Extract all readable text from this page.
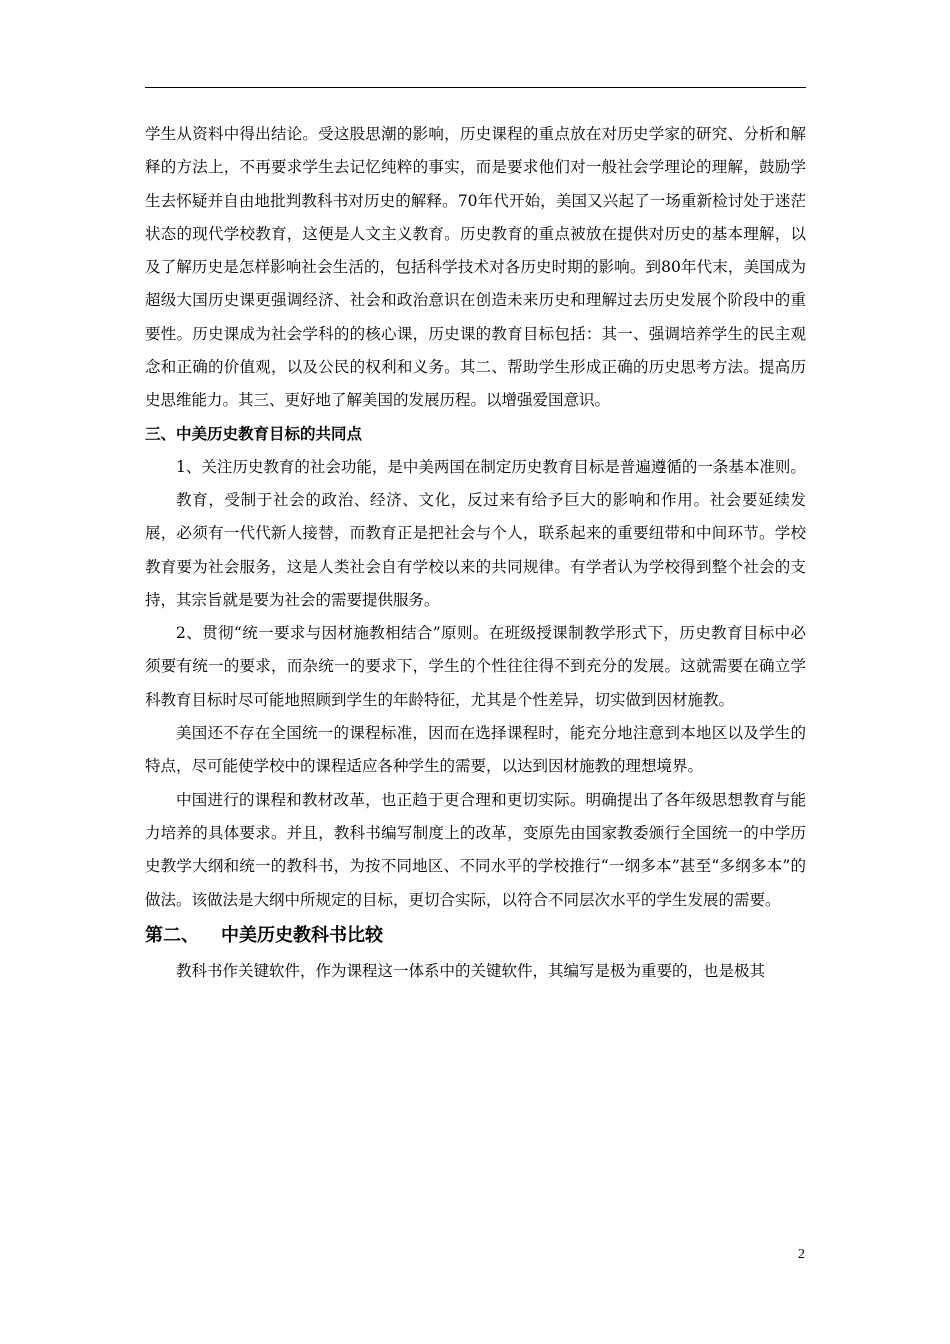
学生从资料中得出结论。受这股思潮的影响，历史课程的重点放在对历史学家的研究、分析和解释的方法上，不再要求学生去记忆纯粹的事实，而是要求他们对一般社会学理论的理解，鼓励学生去怀疑并自由地批判教科书对历史的解释。70年代开始，美国又兴起了一场重新检讨处于迷茫状态的现代学校教育，这便是人文主义教育。历史教育的重点被放在提供对历史的基本理解，以及了解历史是怎样影响社会生活的，包括科学技术对各历史时期的影响。到80年代末，美国成为超级大国历史课更强调经济、社会和政治意识在创造未来历史和理解过去历史发展个阶段中的重要性。历史课成为社会学科的的核心课，历史课的教育目标包括：其一、强调培养学生的民主观念和正确的价值观，以及公民的权利和义务。其二、帮助学生形成正确的历史思考方法。提高历史思维能力。其三、更好地了解美国的发展历程。以增强爱国意识。

三、中美历史教育目标的共同点

1、关注历史教育的社会功能，是中美两国在制定历史教育目标是普遍遵循的一条基本准则。

教育，受制于社会的政治、经济、文化，反过来有给予巨大的影响和作用。社会要延续发展，必须有一代代新人接替，而教育正是把社会与个人，联系起来的重要纽带和中间环节。学校教育要为社会服务，这是人类社会自有学校以来的共同规律。有学者认为学校得到整个社会的支持，其宗旨就是要为社会的需要提供服务。

2、贯彻“统一要求与因材施教相结合”原则。在班级授课制教学形式下，历史教育目标中必须要有统一的要求，而杂统一的要求下，学生的个性往往得不到充分的发展。这就需要在确立学科教育目标时尽可能地照顾到学生的年龄特征，尤其是个性差异，切实做到因材施教。

美国还不存在全国统一的课程标准，因而在选择课程时，能充分地注意到本地区以及学生的特点，尽可能使学校中的课程适应各种学生的需要，以达到因材施教的理想境界。

中国进行的课程和教材改革，也正趋于更合理和更切实际。明确提出了各年级思想教育与能力培养的具体要求。并且，教科书编写制度上的改革，变原先由国家教委颁行全国统一的中学历史教学大纲和统一的教科书，为按不同地区、不同水平的学校推行“一纲多本”甚至“多纲多本”的做法。该做法是大纲中所规定的目标，更切合实际，以符合不同层次水平的学生发展的需要。

第二、 中美历史教科书比较

教科书作关键软件，作为课程这一体系中的关键软件，其编写是极为重要的，也是极其

2
